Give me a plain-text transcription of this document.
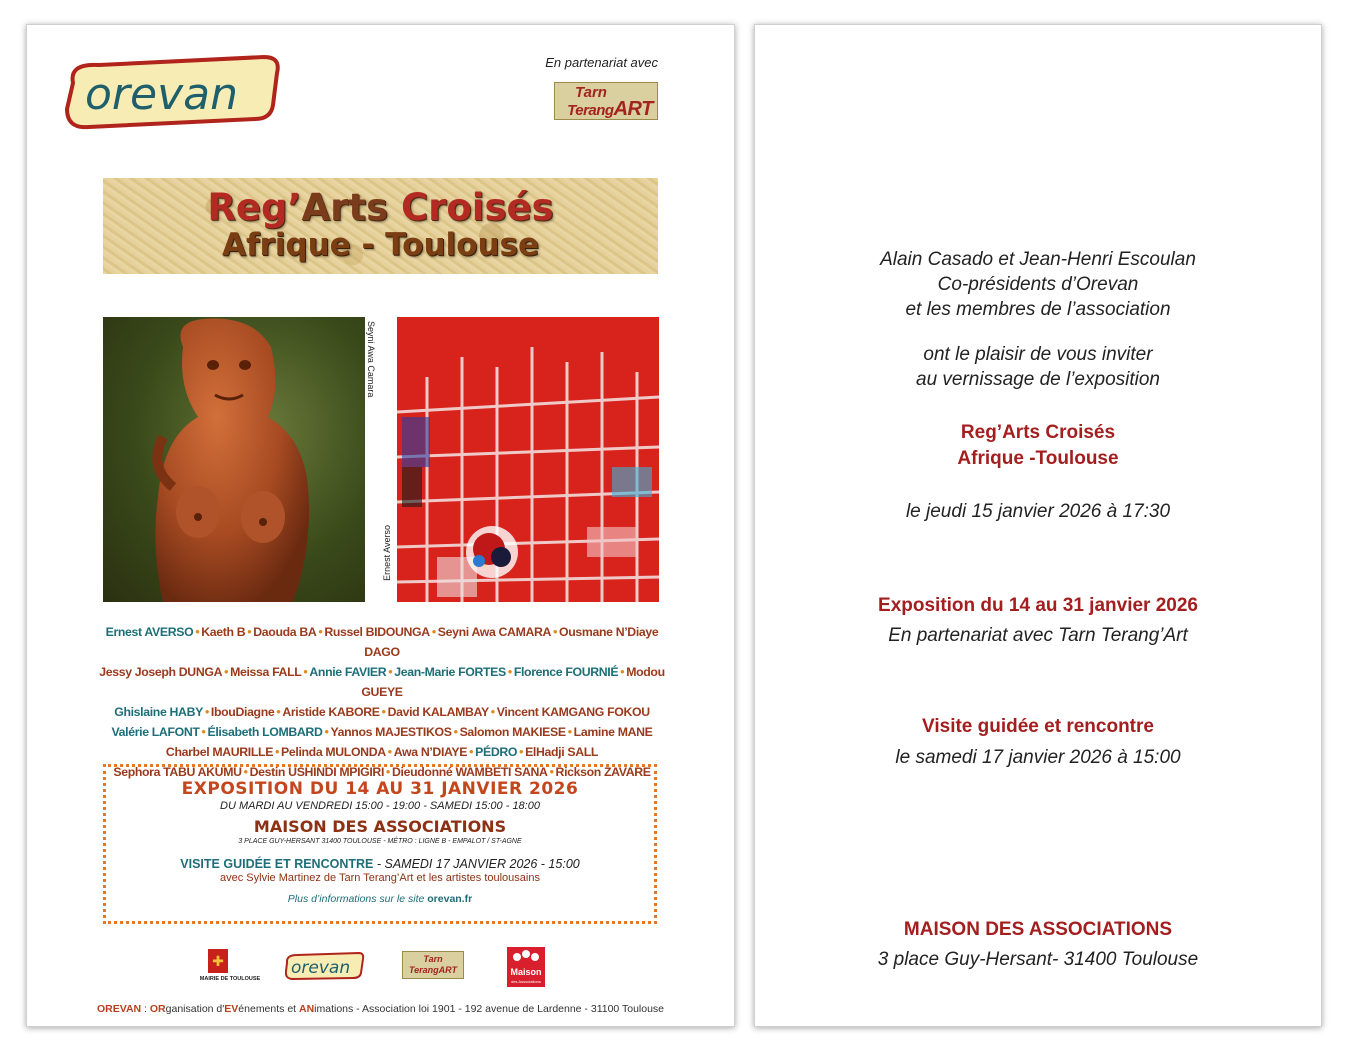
orevan
En partenariat avec
Tarn
TerangART
Reg’Arts Croisés
Afrique - Toulouse
Seyni Awa Camara
Ernest Averso
Ernest AVERSO • Kaeth B • Daouda BA • Russel BIDOUNGA • Seyni Awa CAMARA • Ousmane N’Diaye DAGO
Jessy Joseph DUNGA • Meissa FALL • Annie FAVIER • Jean-Marie FORTES • Florence FOURNIÉ • Modou GUEYE
Ghislaine HABY • IbouDiagne • Aristide KABORE • David KALAMBAY • Vincent KAMGANG FOKOU
Valérie LAFONT • Élisabeth LOMBARD • Yannos MAJESTIKOS • Salomon MAKIESE • Lamine MANE
Charbel MAURILLE • Pelinda MULONDA • Awa N’DIAYE • PÉDRO • ElHadji SALL
Sephora TABU AKUMU • Destin USHINDI MPIGIRI • Dieudonné WAMBETI SANA • Rickson ZAVARE
EXPOSITION DU 14 AU 31 JANVIER 2026
DU MARDI AU VENDREDI 15:00 - 19:00 - SAMEDI 15:00 - 18:00
MAISON DES ASSOCIATIONS
3 PLACE GUY-HERSANT 31400 TOULOUSE - MÉTRO : LIGNE B - EMPALOT / ST-AGNE
VISITE GUIDÉE ET RENCONTRE - SAMEDI 17 JANVIER 2026 - 15:00
avec Sylvie Martinez de Tarn Terang’Art et les artistes toulousains
Plus d’informations sur le site orevan.fr
✚
MAIRIE DE TOULOUSE
orevan	Tarn
TerangART	Maison
des Associations
OREVAN : ORganisation d'EVénements et ANimations - Association loi 1901 - 192 avenue de Lardenne - 31100 Toulouse
Alain Casado et Jean-Henri Escoulan
Co-présidents d’Orevan
et les membres de l’association
ont le plaisir de vous inviter
au vernissage de l’exposition
Reg’Arts Croisés
Afrique -Toulouse
le jeudi 15 janvier 2026 à 17:30
Exposition du 14 au 31 janvier 2026
En partenariat avec Tarn Terang’Art
Visite guidée et rencontre
le samedi 17 janvier 2026 à 15:00
MAISON DES ASSOCIATIONS
3 place Guy-Hersant- 31400 Toulouse
